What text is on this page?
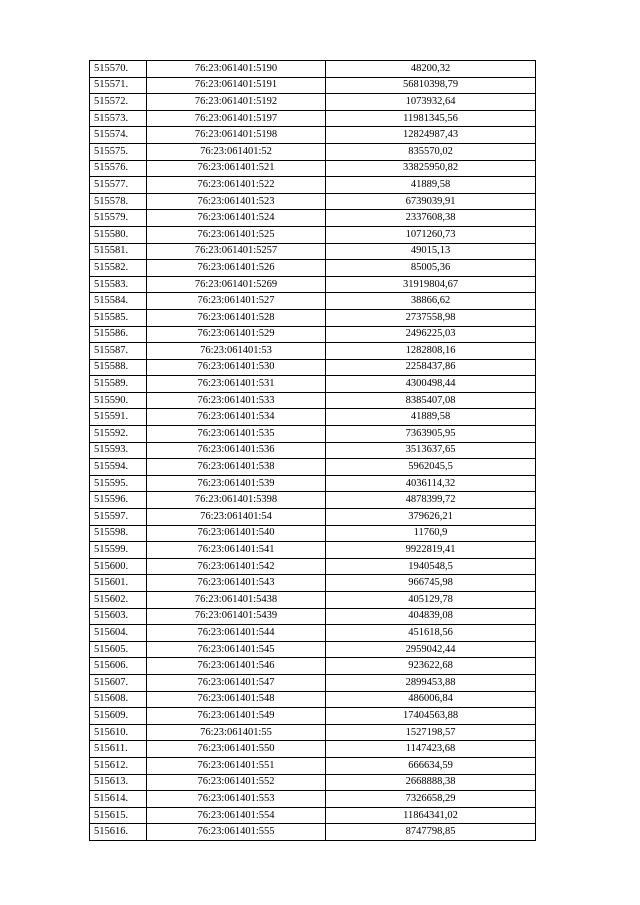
515570.	76:23:061401:5190	48200,32
515571.	76:23:061401:5191	56810398,79
515572.	76:23:061401:5192	1073932,64
515573.	76:23:061401:5197	11981345,56
515574.	76:23:061401:5198	12824987,43
515575.	76:23:061401:52	835570,02
515576.	76:23:061401:521	33825950,82
515577.	76:23:061401:522	41889,58
515578.	76:23:061401:523	6739039,91
515579.	76:23:061401:524	2337608,38
515580.	76:23:061401:525	1071260,73
515581.	76:23:061401:5257	49015,13
515582.	76:23:061401:526	85005,36
515583.	76:23:061401:5269	31919804,67
515584.	76:23:061401:527	38866,62
515585.	76:23:061401:528	2737558,98
515586.	76:23:061401:529	2496225,03
515587.	76:23:061401:53	1282808,16
515588.	76:23:061401:530	2258437,86
515589.	76:23:061401:531	4300498,44
515590.	76:23:061401:533	8385407,08
515591.	76:23:061401:534	41889,58
515592.	76:23:061401:535	7363905,95
515593.	76:23:061401:536	3513637,65
515594.	76:23:061401:538	5962045,5
515595.	76:23:061401:539	4036114,32
515596.	76:23:061401:5398	4878399,72
515597.	76:23:061401:54	379626,21
515598.	76:23:061401:540	11760,9
515599.	76:23:061401:541	9922819,41
515600.	76:23:061401:542	1940548,5
515601.	76:23:061401:543	966745,98
515602.	76:23:061401:5438	405129,78
515603.	76:23:061401:5439	404839,08
515604.	76:23:061401:544	451618,56
515605.	76:23:061401:545	2959042,44
515606.	76:23:061401:546	923622,68
515607.	76:23:061401:547	2899453,88
515608.	76:23:061401:548	486006,84
515609.	76:23:061401:549	17404563,88
515610.	76:23:061401:55	1527198,57
515611.	76:23:061401:550	1147423,68
515612.	76:23:061401:551	666634,59
515613.	76:23:061401:552	2668888,38
515614.	76:23:061401:553	7326658,29
515615.	76:23:061401:554	11864341,02
515616.	76:23:061401:555	8747798,85
